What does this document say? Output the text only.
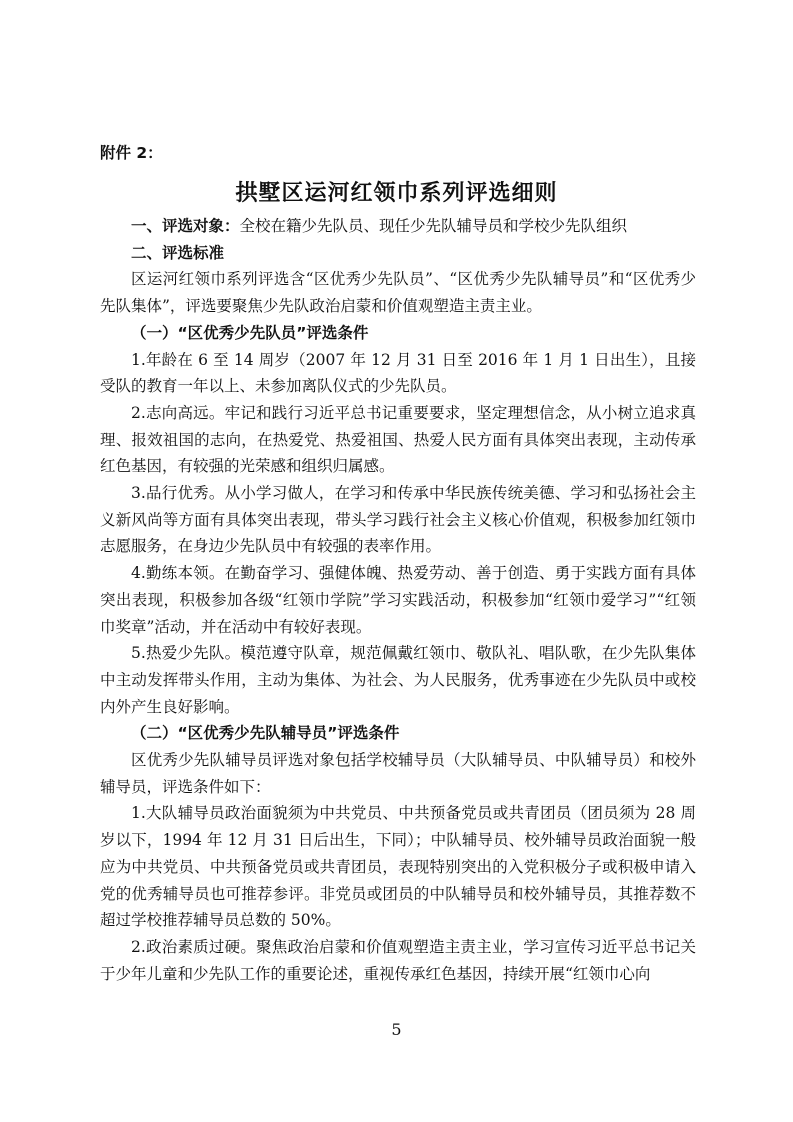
附件 2：
拱墅区运河红领巾系列评选细则

一、评选对象：全校在籍少先队员、现任少先队辅导员和学校少先队组织

二、评选标准

区运河红领巾系列评选含“区优秀少先队员”、“区优秀少先队辅导员”和“区优秀少先队集体”，评选要聚焦少先队政治启蒙和价值观塑造主责主业。

（一）“区优秀少先队员”评选条件

1.年龄在 6 至 14 周岁（2007 年 12 月 31 日至 2016 年 1 月 1 日出生），且接受队的教育一年以上、未参加离队仪式的少先队员。

2.志向高远。牢记和践行习近平总书记重要要求，坚定理想信念，从小树立追求真理、报效祖国的志向，在热爱党、热爱祖国、热爱人民方面有具体突出表现，主动传承红色基因，有较强的光荣感和组织归属感。

3.品行优秀。从小学习做人，在学习和传承中华民族传统美德、学习和弘扬社会主义新风尚等方面有具体突出表现，带头学习践行社会主义核心价值观，积极参加红领巾志愿服务，在身边少先队员中有较强的表率作用。

4.勤练本领。在勤奋学习、强健体魄、热爱劳动、善于创造、勇于实践方面有具体突出表现，积极参加各级“红领巾学院”学习实践活动，积极参加“红领巾爱学习”“红领巾奖章”活动，并在活动中有较好表现。

5.热爱少先队。模范遵守队章，规范佩戴红领巾、敬队礼、唱队歌，在少先队集体中主动发挥带头作用，主动为集体、为社会、为人民服务，优秀事迹在少先队员中或校内外产生良好影响。

（二）“区优秀少先队辅导员”评选条件

区优秀少先队辅导员评选对象包括学校辅导员（大队辅导员、中队辅导员）和校外辅导员，评选条件如下：

1.大队辅导员政治面貌须为中共党员、中共预备党员或共青团员（团员须为 28 周岁以下，1994 年 12 月 31 日后出生，下同）；中队辅导员、校外辅导员政治面貌一般应为中共党员、中共预备党员或共青团员，表现特别突出的入党积极分子或积极申请入党的优秀辅导员也可推荐参评。非党员或团员的中队辅导员和校外辅导员，其推荐数不超过学校推荐辅导员总数的 50%。

2.政治素质过硬。聚焦政治启蒙和价值观塑造主责主业，学习宣传习近平总书记关于少年儿童和少先队工作的重要论述，重视传承红色基因，持续开展“红领巾心向

5
